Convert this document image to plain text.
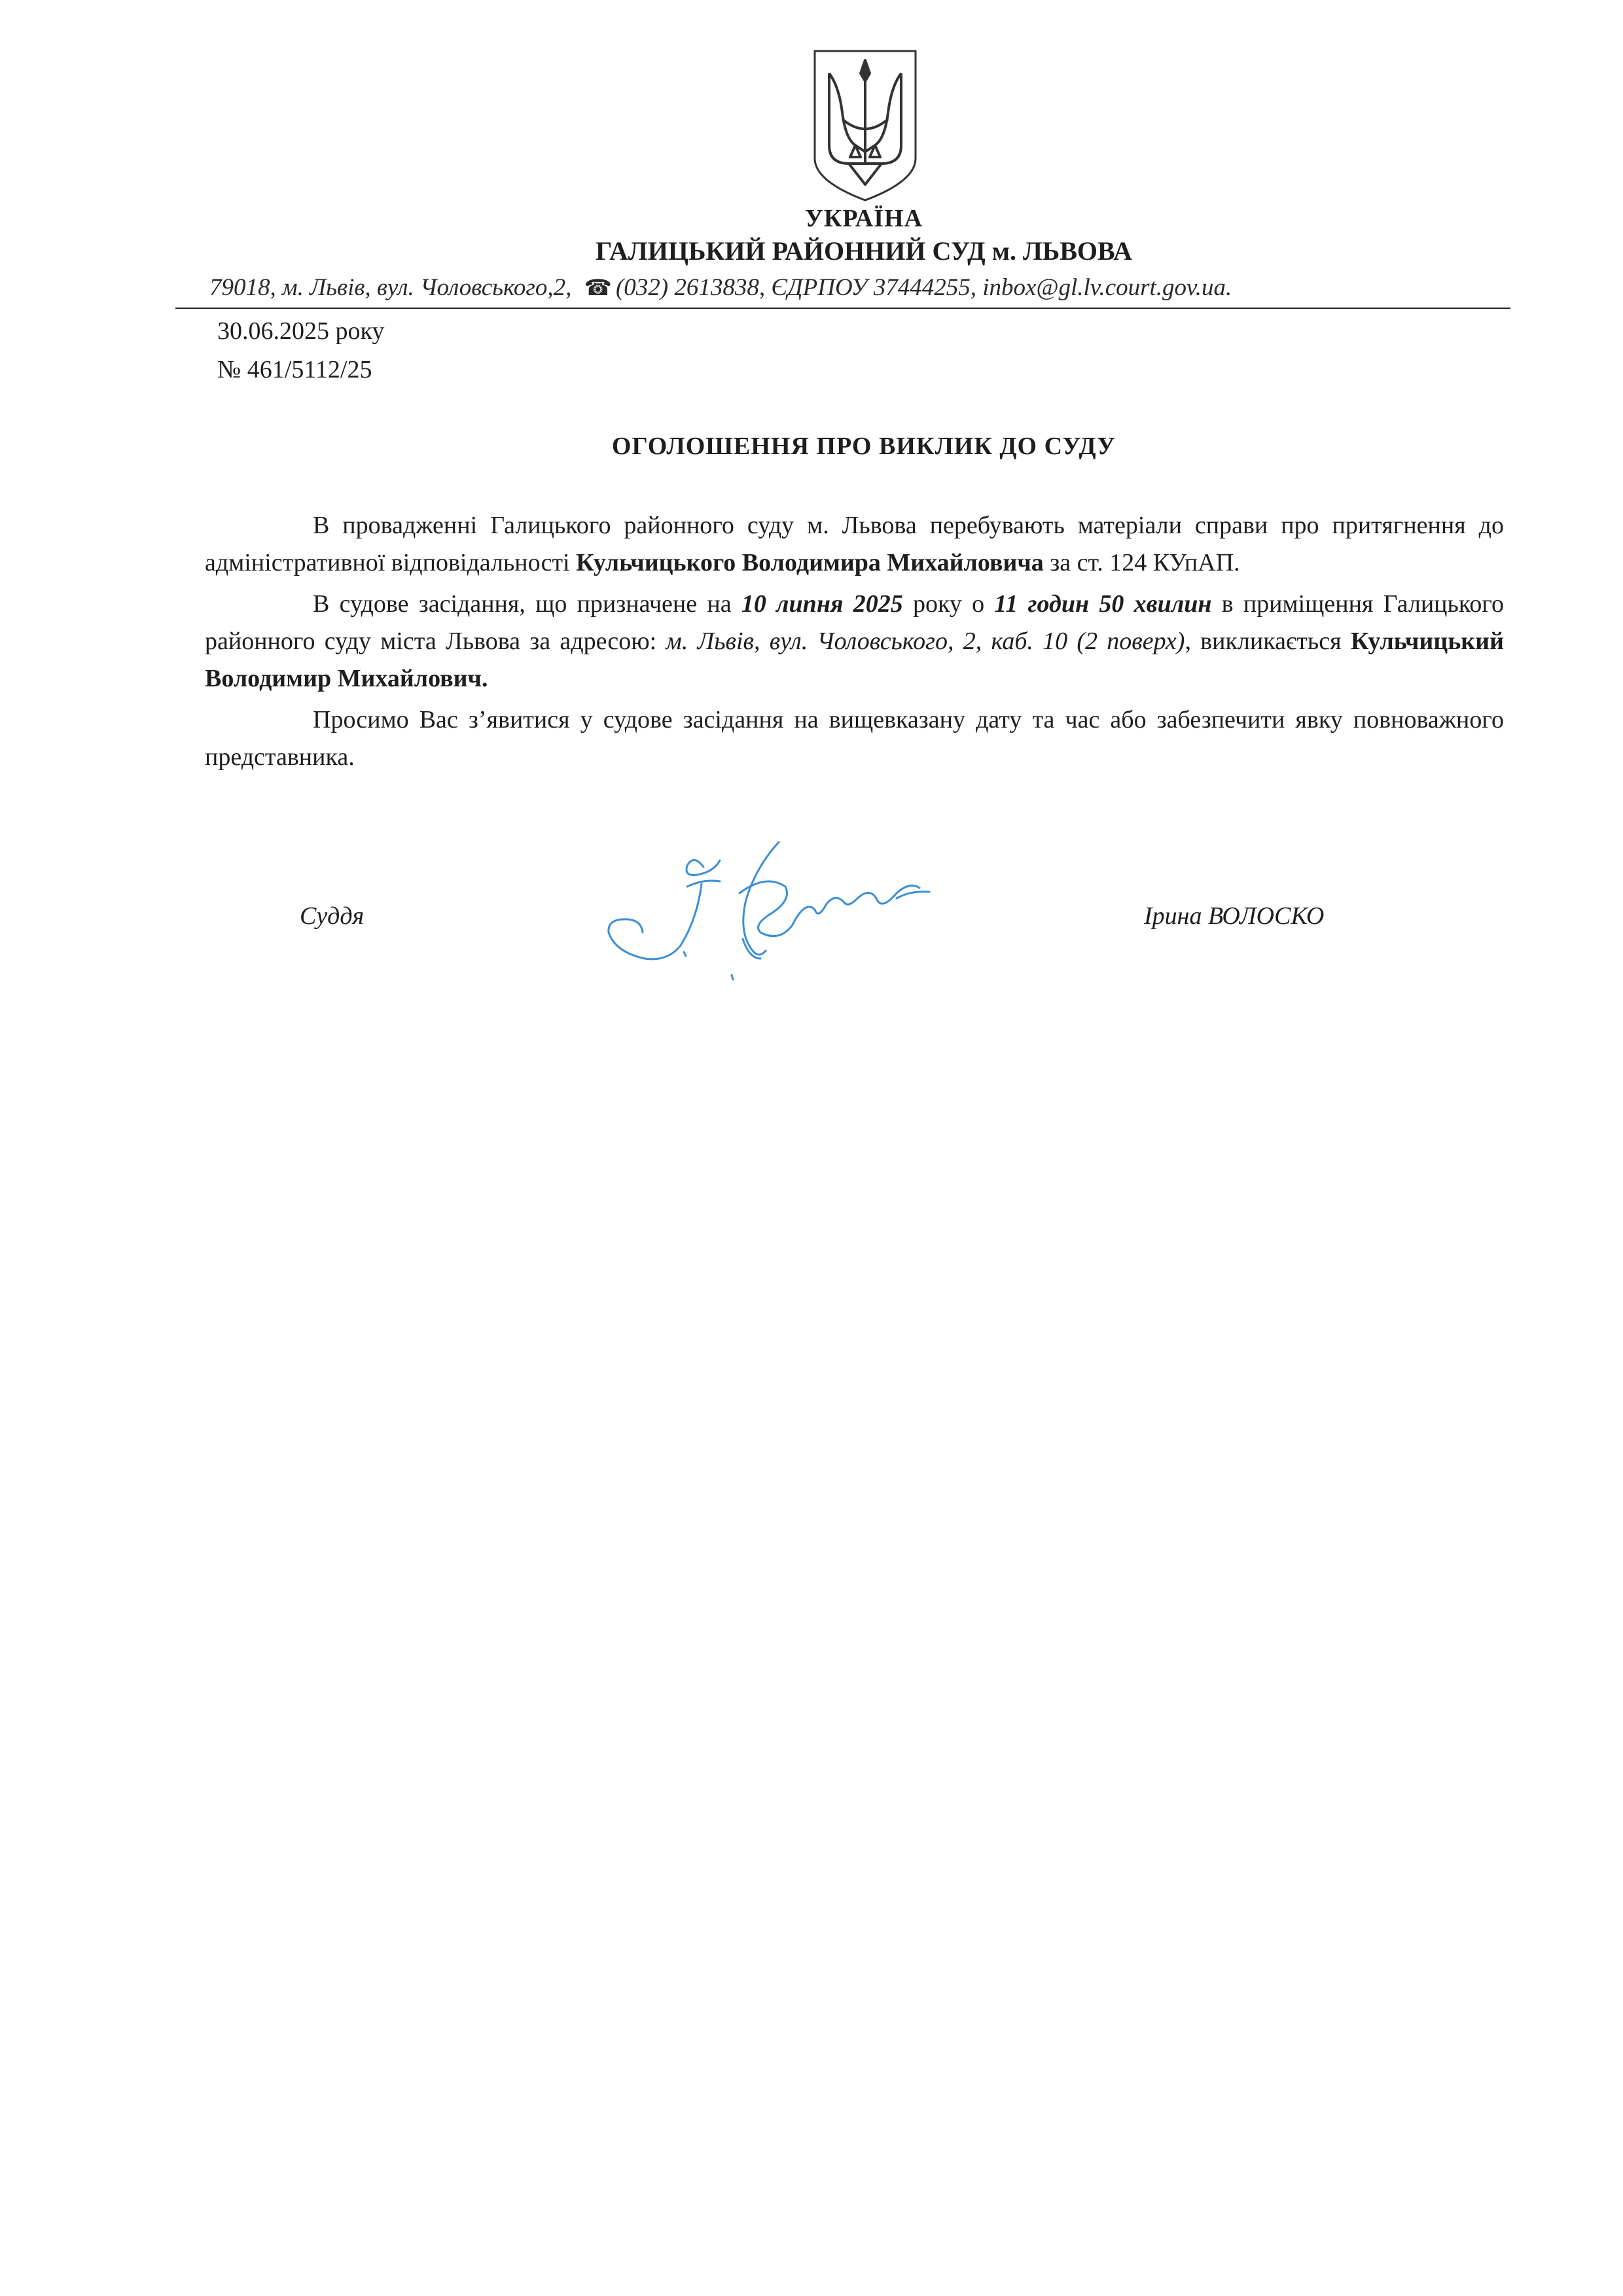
УКРАЇНА
ГАЛИЦЬКИЙ РАЙОННИЙ СУД м. ЛЬВОВА
79018, м. Львів, вул. Чоловського,2, ☎ (032) 2613838, ЄДРПОУ 37444255, inbox@gl.lv.court.gov.ua.
30.06.2025 року
№ 461/5112/25
ОГОЛОШЕННЯ ПРО ВИКЛИК ДО СУДУ

В провадженні Галицького районного суду м. Львова перебувають матеріали справи про притягнення до адміністративної відповідальності Кульчицького Володимира Михайловича за ст. 124 КУпАП.

В судове засідання, що призначене на 10 липня 2025 року о 11 годин 50 хвилин в приміщення Галицького районного суду міста Львова за адресою: м. Львів, вул. Чоловського, 2, каб. 10 (2 поверх), викликається Кульчицький Володимир Михайлович.

Просимо Вас з’явитися у судове засідання на вищевказану дату та час або забезпечити явку повноважного представника.

Суддя	Ірина ВОЛОСКО
